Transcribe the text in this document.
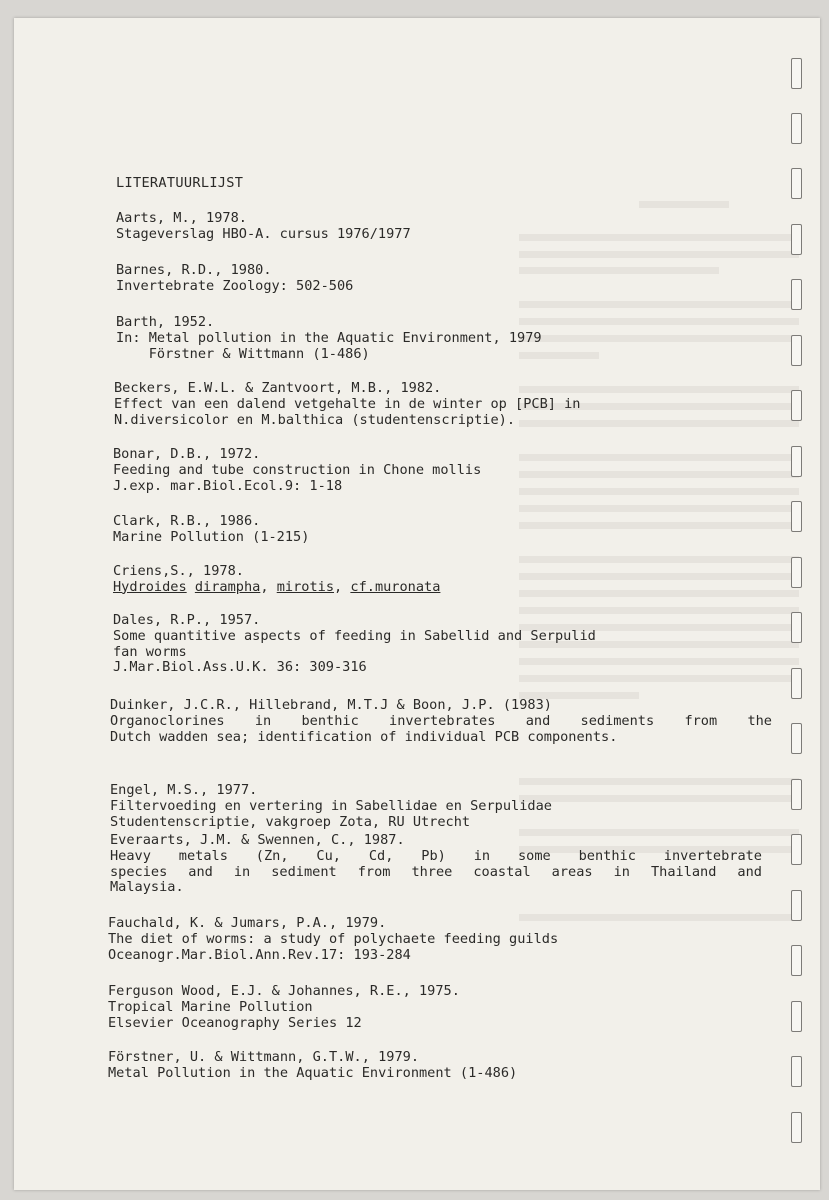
LITERATUURLIJST
Aarts, M., 1978.
Stageverslag HBO-A. cursus 1976/1977
Barnes, R.D., 1980.
Invertebrate Zoology: 502-506
Barth, 1952.
In: Metal pollution in the Aquatic Environment, 1979
Förstner & Wittmann (1-486)
Beckers, E.W.L. & Zantvoort, M.B., 1982.
Effect van een dalend vetgehalte in de winter op [PCB] in
N.diversicolor en M.balthica (studentenscriptie).
Bonar, D.B., 1972.
Feeding and tube construction in Chone mollis
J.exp. mar.Biol.Ecol.9: 1-18
Clark, R.B., 1986.
Marine Pollution (1-215)
Criens,S., 1978.
Hydroides dirampha, mirotis, cf.muronata
Dales, R.P., 1957.
Some quantitive aspects of feeding in Sabellid and Serpulid
fan worms
J.Mar.Biol.Ass.U.K. 36: 309-316
Duinker, J.C.R., Hillebrand, M.T.J & Boon, J.P. (1983)
Organoclorines in benthic invertebrates and sediments from the
Dutch wadden sea; identification of individual PCB components.
Engel, M.S., 1977.
Filtervoeding en vertering in Sabellidae en Serpulidae
Studentenscriptie, vakgroep Zota, RU Utrecht
Everaarts, J.M. & Swennen, C., 1987.
Heavy metals (Zn, Cu, Cd, Pb) in some benthic invertebrate
species and in sediment from three coastal areas in Thailand and
Malaysia.
Fauchald, K. & Jumars, P.A., 1979.
The diet of worms: a study of polychaete feeding guilds
Oceanogr.Mar.Biol.Ann.Rev.17: 193-284
Ferguson Wood, E.J. & Johannes, R.E., 1975.
Tropical Marine Pollution
Elsevier Oceanography Series 12
Förstner, U. & Wittmann, G.T.W., 1979.
Metal Pollution in the Aquatic Environment (1-486)
